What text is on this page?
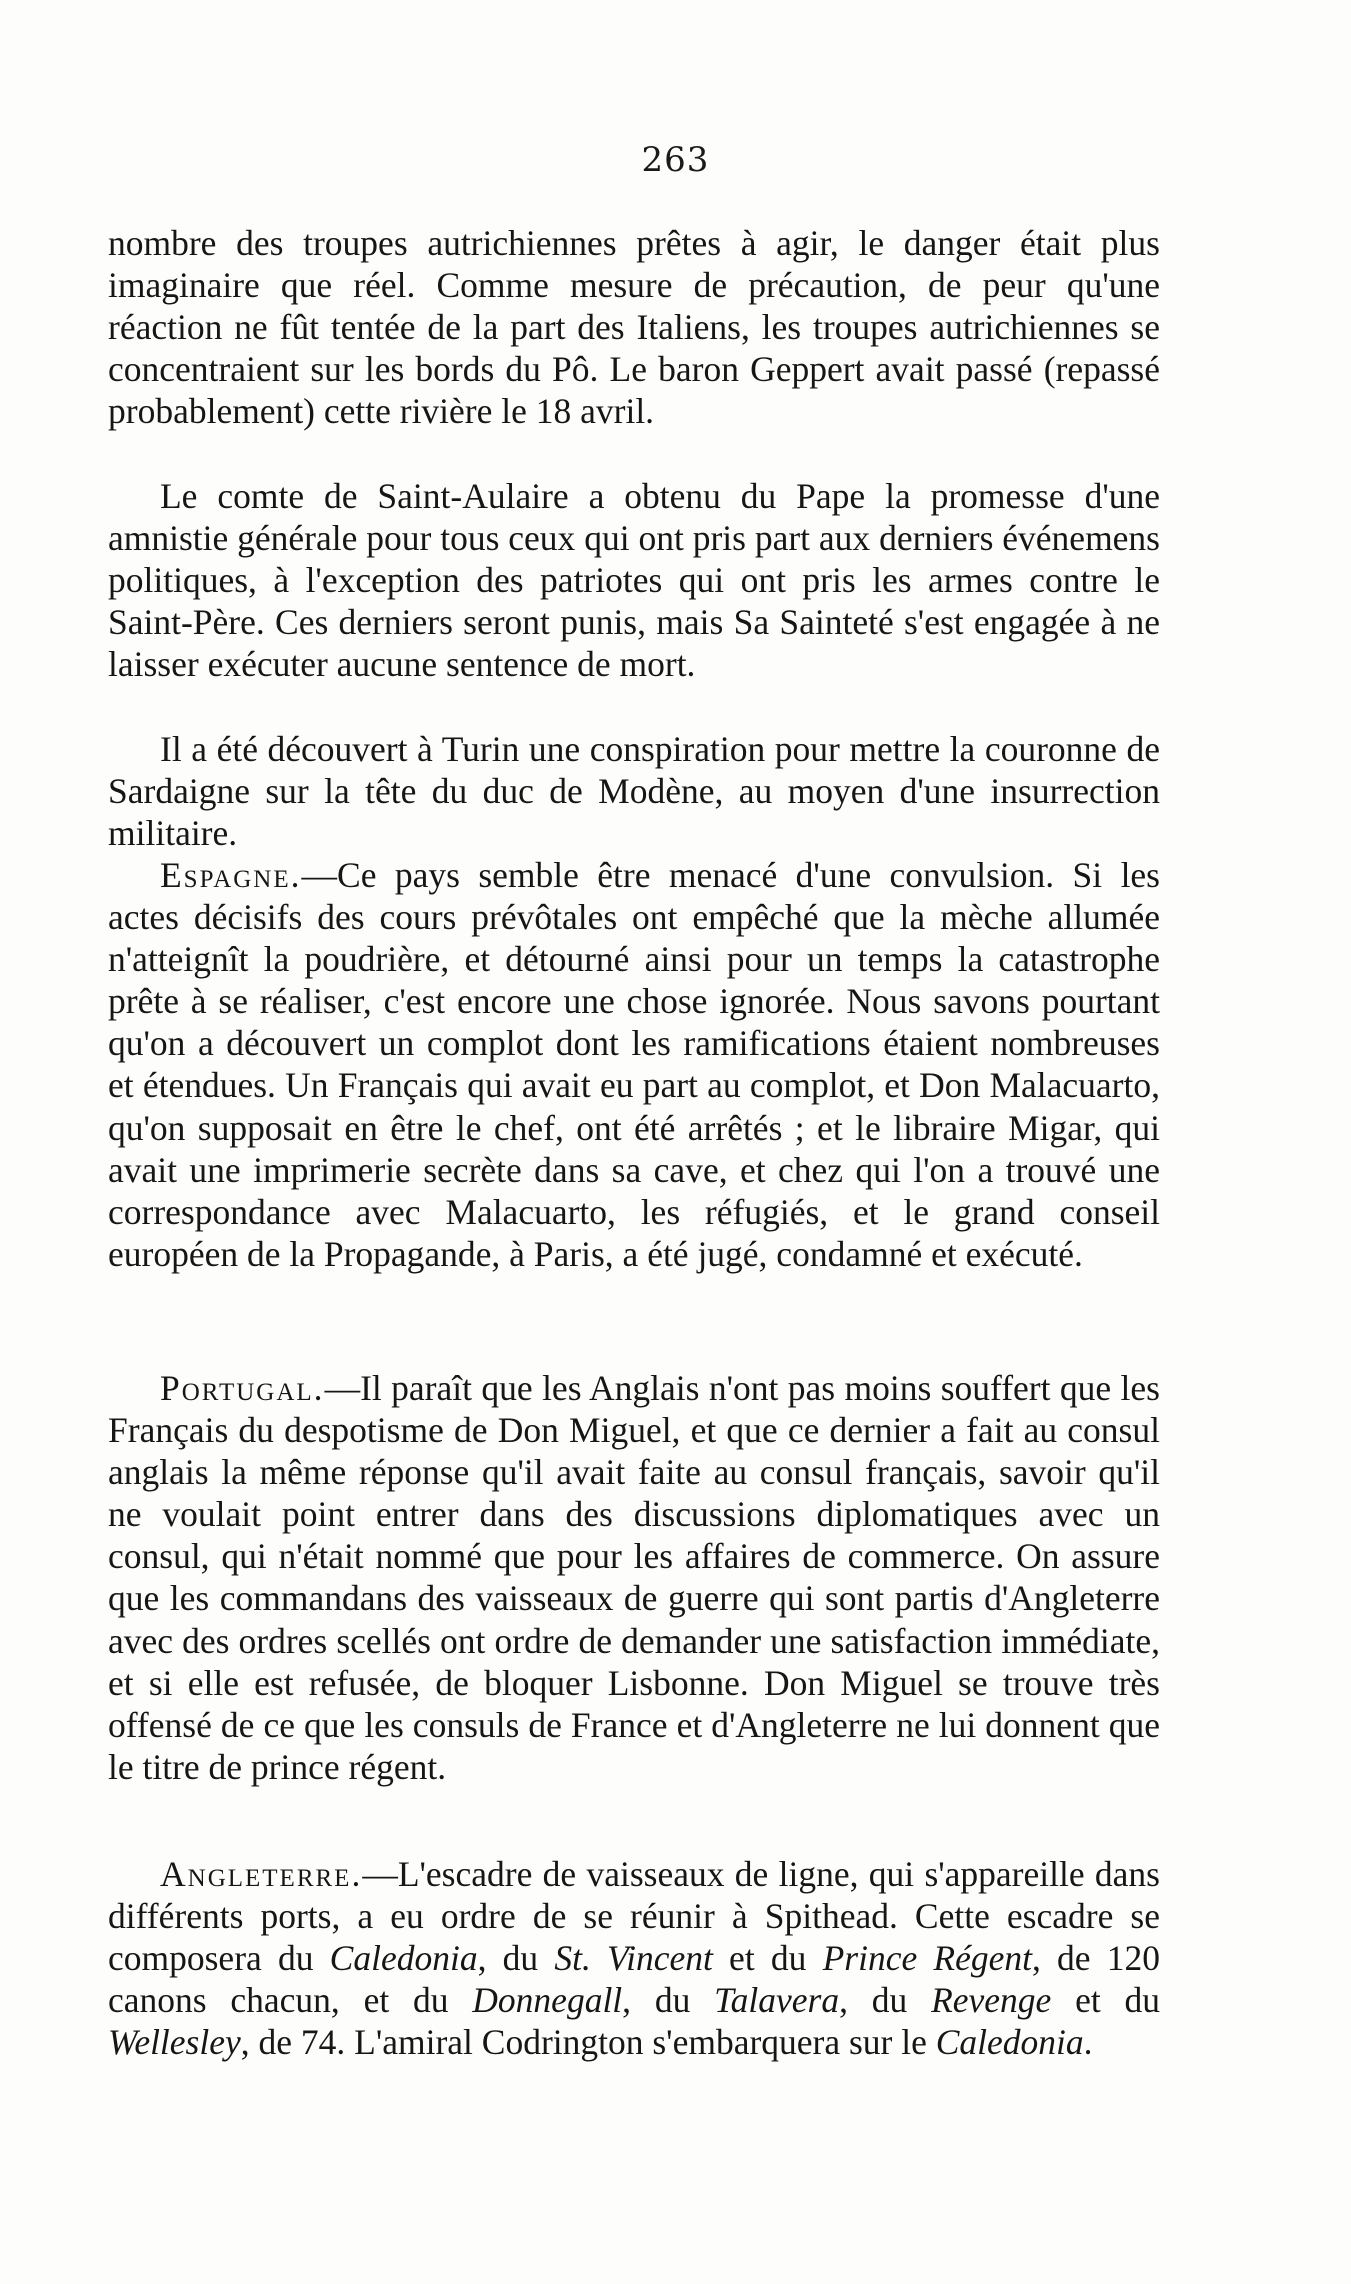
263

nombre des troupes autrichiennes prêtes à agir, le danger était plus imaginaire que réel. Comme mesure de précaution, de peur qu'une réaction ne fût tentée de la part des Italiens, les troupes autrichiennes se concentraient sur les bords du Pô. Le baron Geppert avait passé (repassé probablement) cette rivière le 18 avril.

Le comte de Saint-Aulaire a obtenu du Pape la promesse d'une amnistie générale pour tous ceux qui ont pris part aux derniers événemens politiques, à l'exception des patriotes qui ont pris les armes contre le Saint-Père. Ces derniers seront punis, mais Sa Sainteté s'est engagée à ne laisser exécuter aucune sentence de mort.

Il a été découvert à Turin une conspiration pour mettre la couronne de Sardaigne sur la tête du duc de Modène, au moyen d'une insurrection militaire.

Espagne.—Ce pays semble être menacé d'une convulsion. Si les actes décisifs des cours prévôtales ont empêché que la mèche allumée n'atteignît la poudrière, et détourné ainsi pour un temps la catastrophe prête à se réaliser, c'est encore une chose ignorée. Nous savons pourtant qu'on a découvert un complot dont les ramifications étaient nombreuses et étendues. Un Français qui avait eu part au complot, et Don Malacuarto, qu'on supposait en être le chef, ont été arrêtés ; et le libraire Migar, qui avait une imprimerie secrète dans sa cave, et chez qui l'on a trouvé une correspondance avec Malacuarto, les réfugiés, et le grand conseil européen de la Propagande, à Paris, a été jugé, condamné et exécuté.

Portugal.—Il paraît que les Anglais n'ont pas moins souffert que les Français du despotisme de Don Miguel, et que ce dernier a fait au consul anglais la même réponse qu'il avait faite au consul français, savoir qu'il ne voulait point entrer dans des discussions diplomatiques avec un consul, qui n'était nommé que pour les affaires de commerce. On assure que les commandans des vaisseaux de guerre qui sont partis d'Angleterre avec des ordres scellés ont ordre de demander une satisfaction immédiate, et si elle est refusée, de bloquer Lisbonne. Don Miguel se trouve très offensé de ce que les consuls de France et d'Angleterre ne lui donnent que le titre de prince régent.

Angleterre.—L'escadre de vaisseaux de ligne, qui s'appareille dans différents ports, a eu ordre de se réunir à Spithead. Cette escadre se composera du Caledonia, du St. Vincent et du Prince Régent, de 120 canons chacun, et du Donnegall, du Talavera, du Revenge et du Wellesley, de 74. L'amiral Codrington s'embarquera sur le Caledonia.
